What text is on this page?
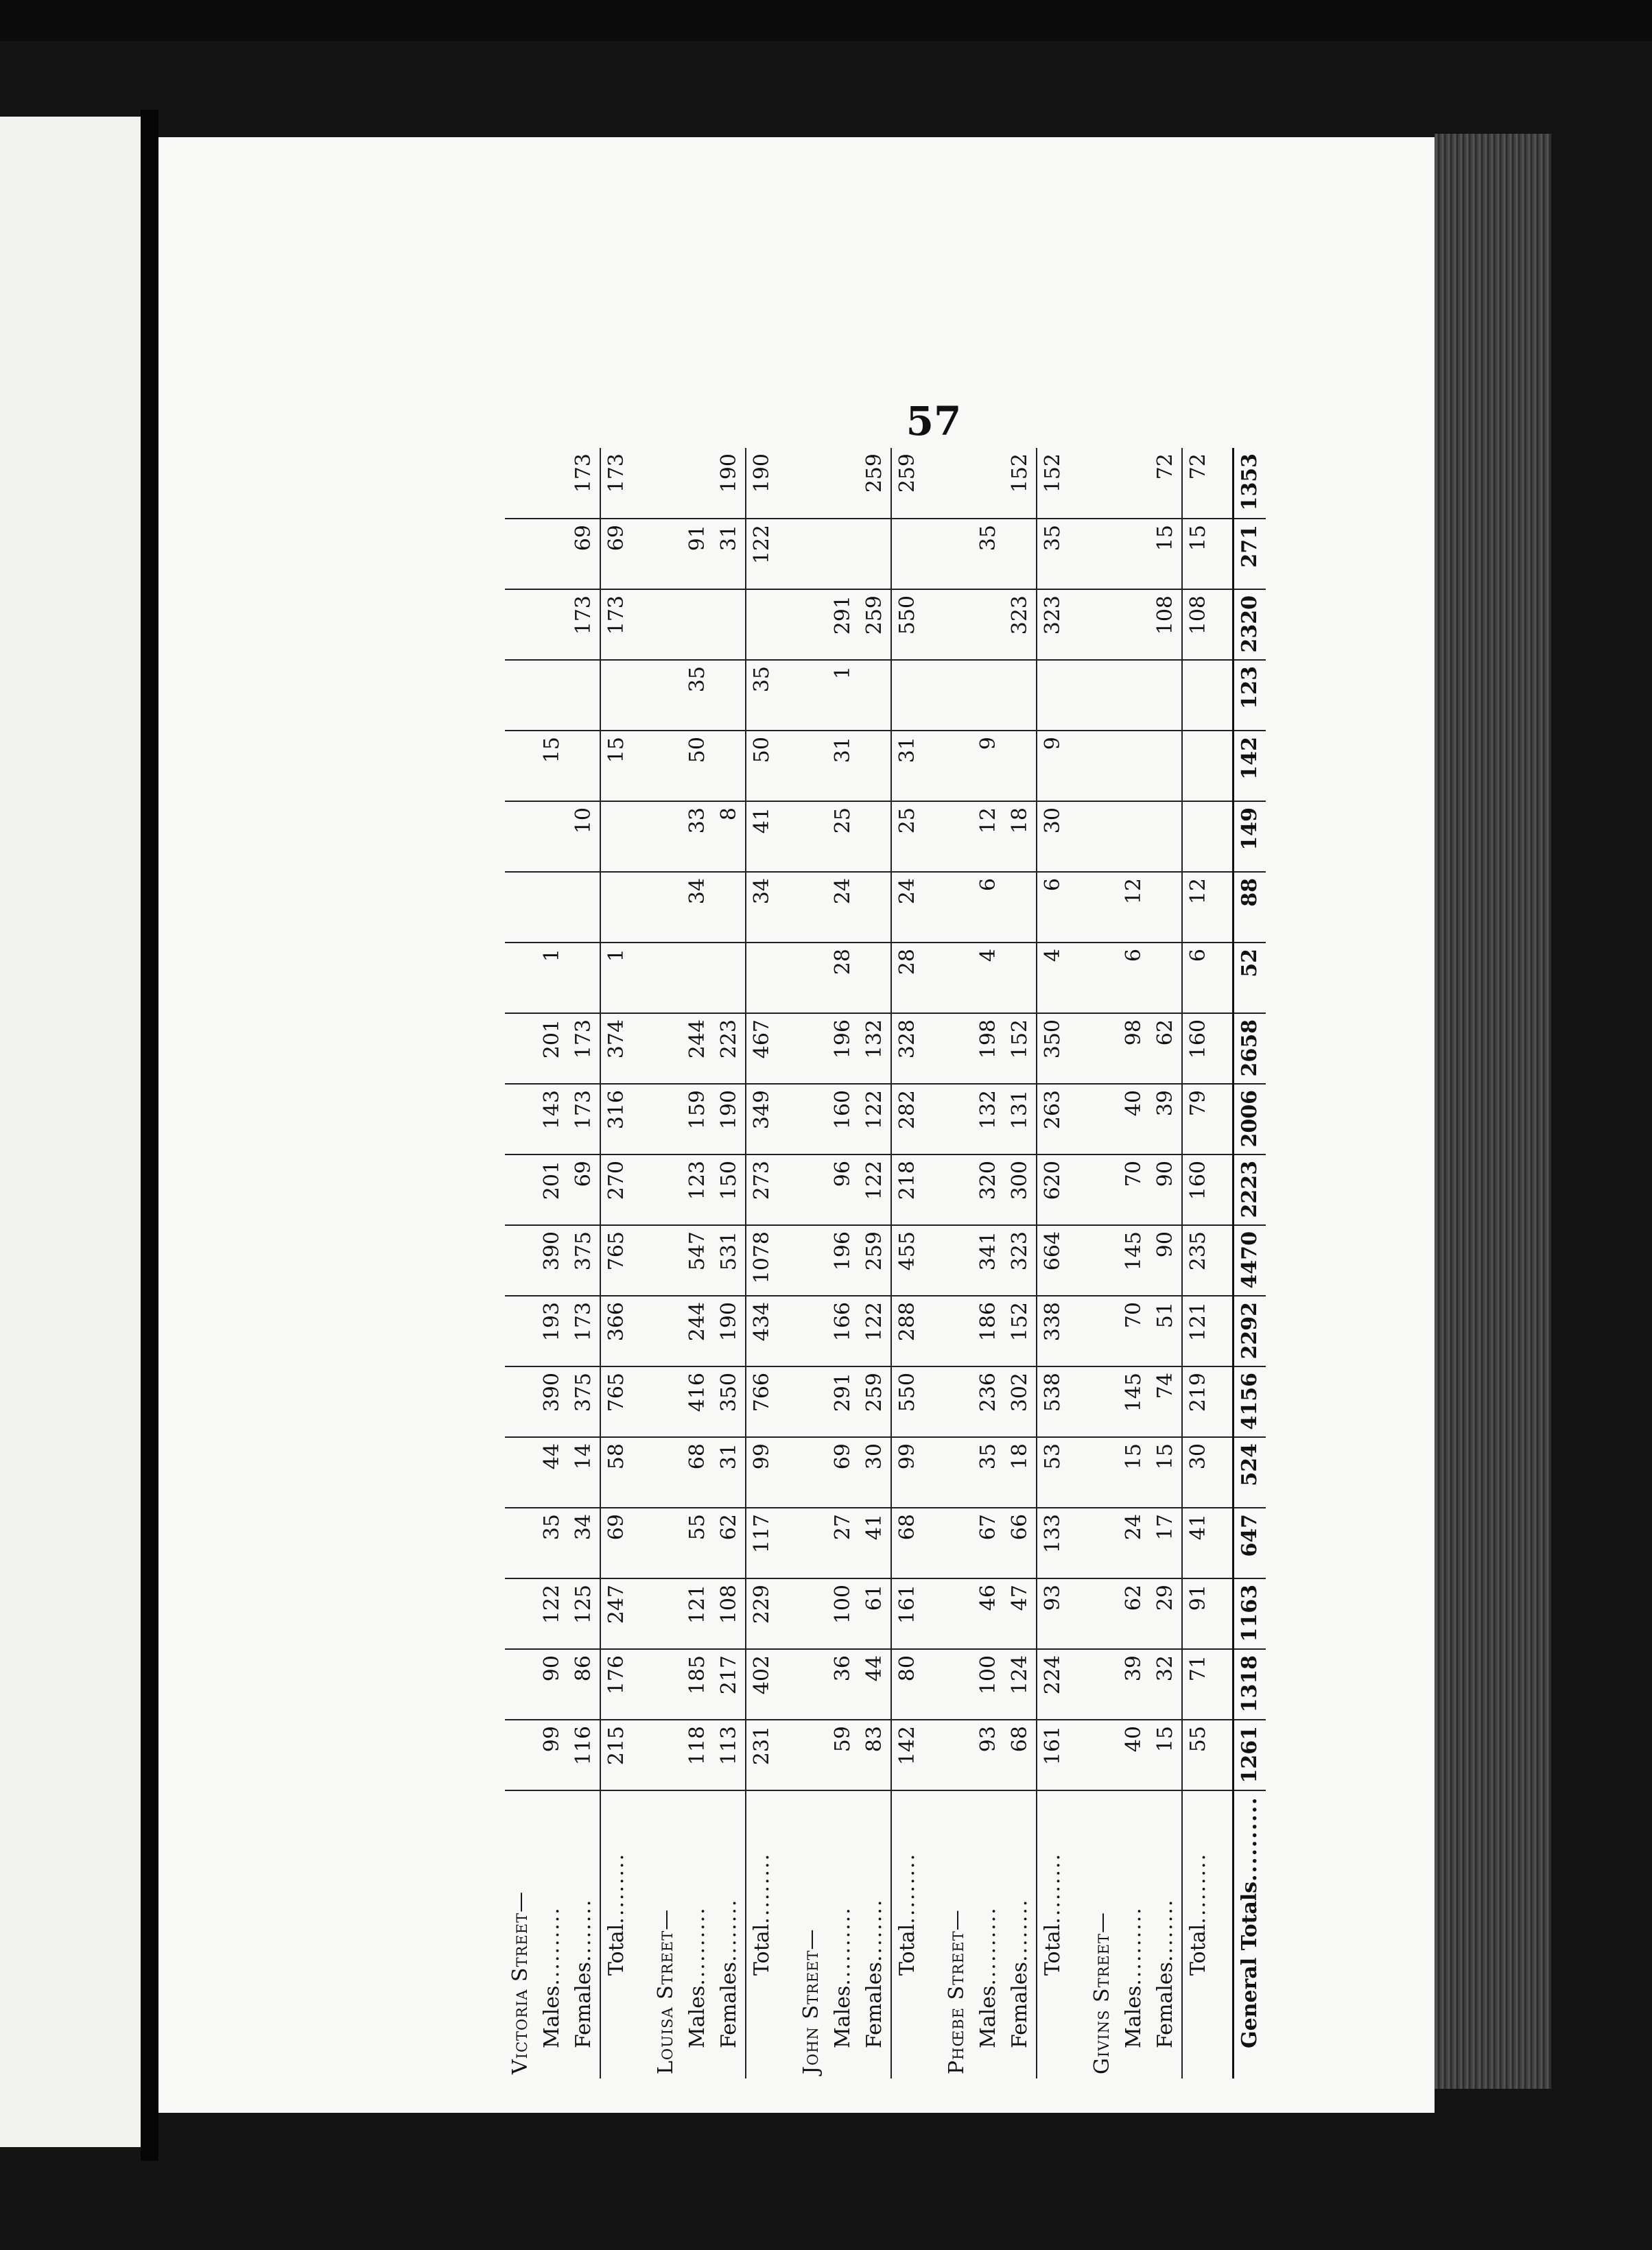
57
Victoria Street—																			
Males..........	99	90	122	35	44	390	193	390	201	143	201	1			15				
Females........	116	86	125	34	14	375	173	375	69	173	173			10			173	69	173
Total.........	215	176	247	69	58	765	366	765	270	316	374	1			15		173	69	173

Louisa Street—																			
Males..........	118	185	121	55	68	416	244	547	123	159	244		34	33	50	35		91	
Females........	113	217	108	62	31	350	190	531	150	190	223			8				31	190
Total.........	231	402	229	117	99	766	434	1078	273	349	467		34	41	50	35		122	190

John Street—																			
Males..........	59	36	100	27	69	291	166	196	96	160	196	28	24	25	31	1	291		
Females........	83	44	61	41	30	259	122	259	122	122	132						259		259
Total.........	142	80	161	68	99	550	288	455	218	282	328	28	24	25	31		550		259

Phœbe Street—																			
Males..........	93	100	46	67	35	236	186	341	320	132	198	4	6	12	9			35	
Females........	68	124	47	66	18	302	152	323	300	131	152			18			323		152
Total.........	161	224	93	133	53	538	338	664	620	263	350	4	6	30	9		323	35	152

Givins Street—																			
Males..........	40	39	62	24	15	145	70	145	70	40	98	6	12						
Females........	15	32	29	17	15	74	51	90	90	39	62						108	15	72
Total.........	55	71	91	41	30	219	121	235	160	79	160	6	12				108	15	72

General Totals..........	1261	1318	1163	647	524	4156	2292	4470	2223	2006	2658	52	88	149	142	123	2320	271	1353
